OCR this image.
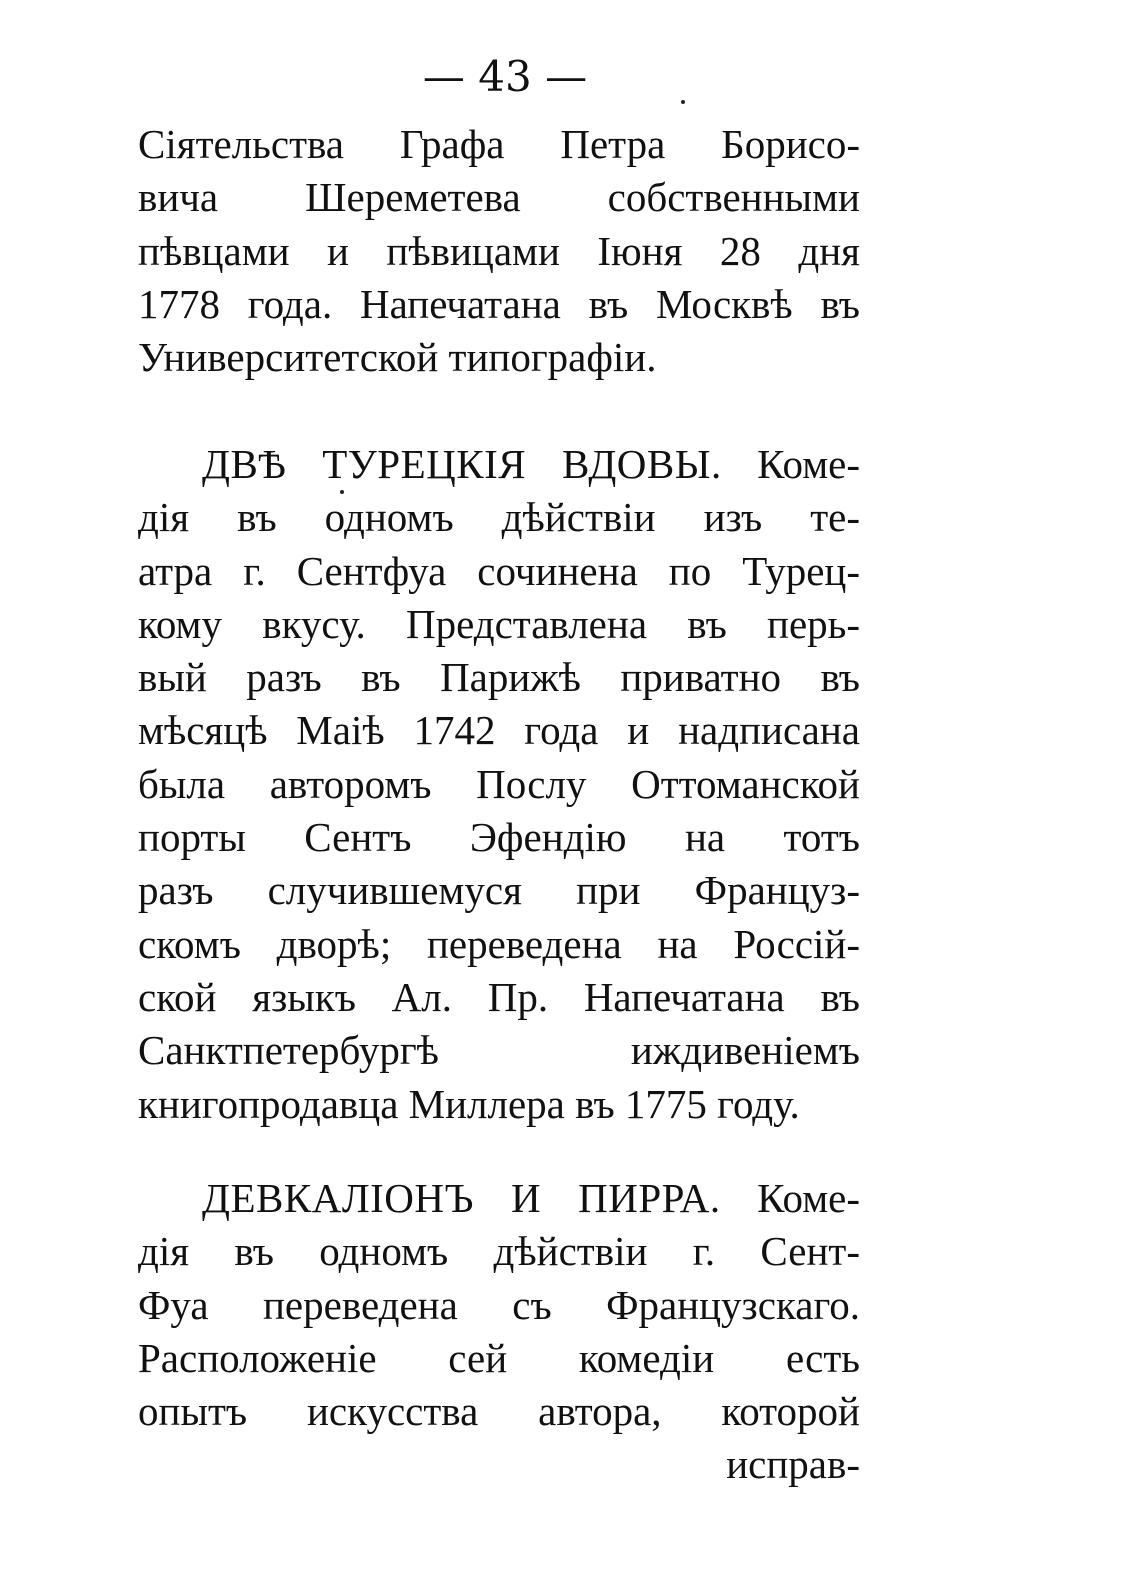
— 43 —
Сіятельства Графа Петра Борисо-
вича Шереметева собственными
пѣвцами и пѣвицами Іюня 28 дня
1778 года. Напечатана въ Москвѣ въ
Университетской типографіи.
ДВѢ ТУРЕЦКІЯ ВДОВЫ. Коме-
дія въ одномъ дѣйствіи изъ те-
атра г. Сентфуа сочинена по Турец-
кому вкусу. Представлена въ перь-
вый разъ въ Парижѣ приватно въ
мѣсяцѣ Маіѣ 1742 года и надписана
была авторомъ Послу Оттоманской
порты Сентъ Эфендію на тотъ
разъ случившемуся при Француз-
скомъ дворѣ; переведена на Россій-
ской языкъ Ал. Пр. Напечатана въ
Санктпетербургѣ иждивеніемъ
книгопродавца Миллера въ 1775 году.
ДЕВКАЛІОНЪ И ПИРРА. Коме-
дія въ одномъ дѣйствіи г. Сент-
Фуа переведена съ Французскаго.
Расположеніе сей комедіи есть
опытъ искусства автора, которой
исправ-
